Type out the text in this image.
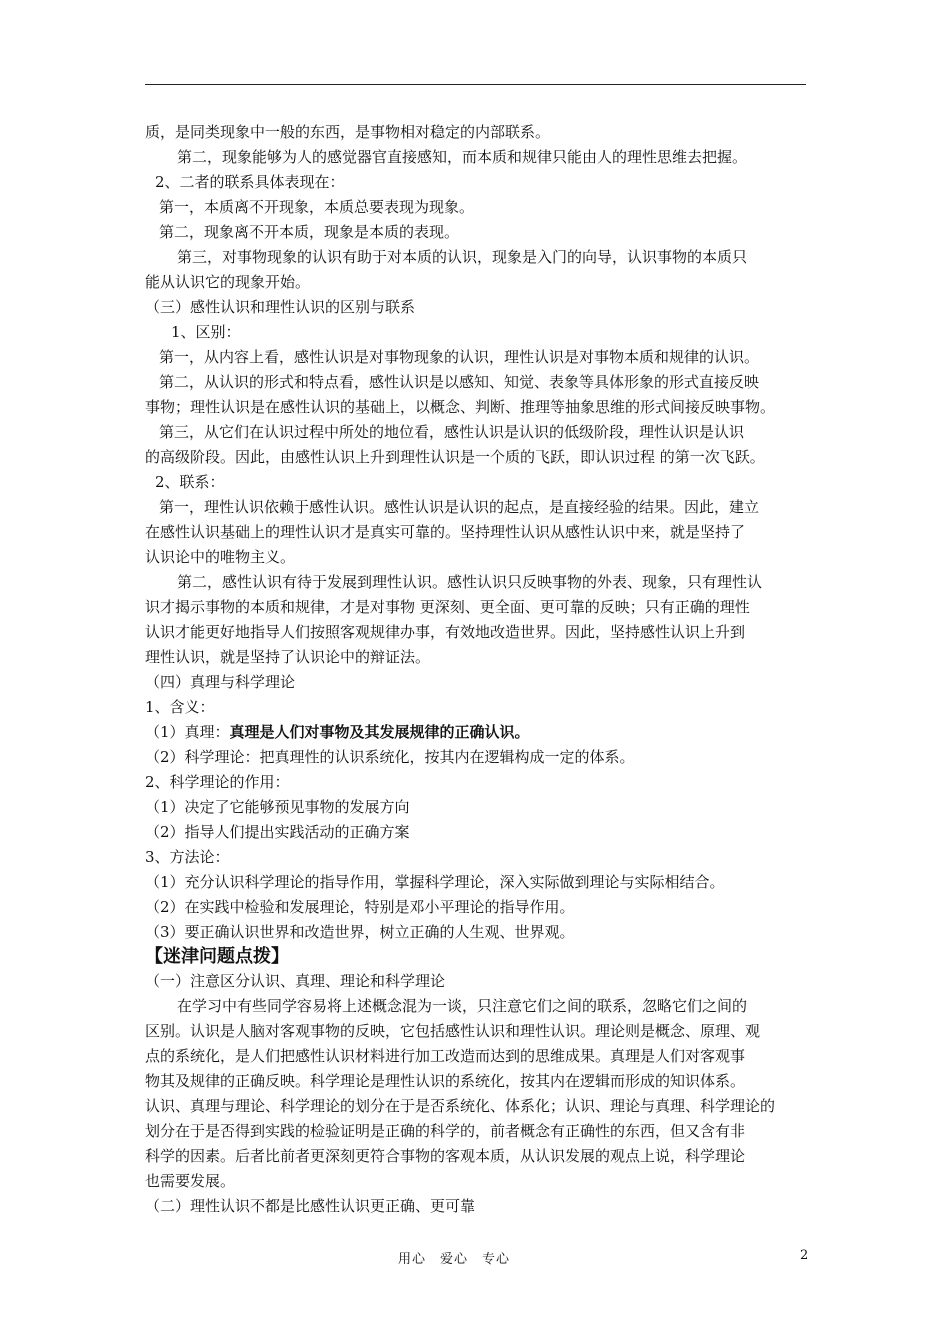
质，是同类现象中一般的东西，是事物相对稳定的内部联系。

第二，现象能够为人的感觉器官直接感知，而本质和规律只能由人的理性思维去把握。

2、二者的联系具体表现在：

第一，本质离不开现象，本质总要表现为现象。

第二，现象离不开本质，现象是本质的表现。

第三，对事物现象的认识有助于对本质的认识，现象是入门的向导，认识事物的本质只

能从认识它的现象开始。

（三）感性认识和理性认识的区别与联系

1、区别：

第一，从内容上看，感性认识是对事物现象的认识，理性认识是对事物本质和规律的认识。

第二，从认识的形式和特点看，感性认识是以感知、知觉、表象等具体形象的形式直接反映

事物；理性认识是在感性认识的基础上，以概念、判断、推理等抽象思维的形式间接反映事物。

第三，从它们在认识过程中所处的地位看，感性认识是认识的低级阶段，理性认识是认识

的高级阶段。因此，由感性认识上升到理性认识是一个质的飞跃，即认识过程 的第一次飞跃。

2、联系：

第一，理性认识依赖于感性认识。感性认识是认识的起点，是直接经验的结果。因此，建立

在感性认识基础上的理性认识才是真实可靠的。坚持理性认识从感性认识中来，就是坚持了

认识论中的唯物主义。

第二，感性认识有待于发展到理性认识。感性认识只反映事物的外表、现象，只有理性认

识才揭示事物的本质和规律，才是对事物 更深刻、更全面、更可靠的反映；只有正确的理性

认识才能更好地指导人们按照客观规律办事，有效地改造世界。因此，坚持感性认识上升到

理性认识，就是坚持了认识论中的辩证法。

（四）真理与科学理论

1、含义：

（1）真理：真理是人们对事物及其发展规律的正确认识。

（2）科学理论：把真理性的认识系统化，按其内在逻辑构成一定的体系。

2、科学理论的作用：

（1）决定了它能够预见事物的发展方向

（2）指导人们提出实践活动的正确方案

3、方法论：

（1）充分认识科学理论的指导作用，掌握科学理论，深入实际做到理论与实际相结合。

（2）在实践中检验和发展理论，特别是邓小平理论的指导作用。

（3）要正确认识世界和改造世界，树立正确的人生观、世界观。

【迷津问题点拨】

（一）注意区分认识、真理、理论和科学理论

在学习中有些同学容易将上述概念混为一谈，只注意它们之间的联系，忽略它们之间的

区别。认识是人脑对客观事物的反映，它包括感性认识和理性认识。理论则是概念、原理、观

点的系统化，是人们把感性认识材料进行加工改造而达到的思维成果。真理是人们对客观事

物其及规律的正确反映。科学理论是理性认识的系统化，按其内在逻辑而形成的知识体系。

认识、真理与理论、科学理论的划分在于是否系统化、体系化；认识、理论与真理、科学理论的

划分在于是否得到实践的检验证明是正确的科学的，前者概念有正确性的东西，但又含有非

科学的因素。后者比前者更深刻更符合事物的客观本质，从认识发展的观点上说，科学理论

也需要发展。

（二）理性认识不都是比感性认识更正确、更可靠

用心　爱心　专心	2
